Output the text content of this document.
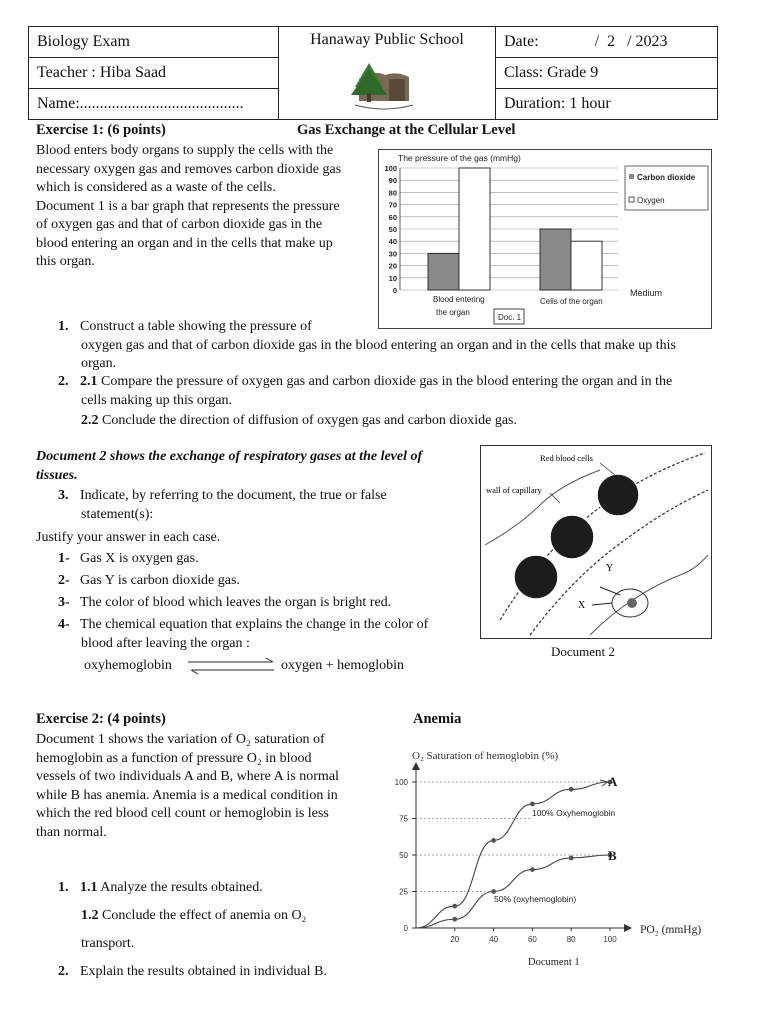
Biology Exam	Hanaway Public School	Date:              /  2   / 2023
Teacher : Hiba Saad		Class: Grade 9
Name:.........................................		Duration: 1 hour
Exercise 1: (6 points)	Gas Exchange at the Cellular Level
Blood enters body organs to supply the cells with the
necessary oxygen gas and removes carbon dioxide gas
which is considered as a waste of the cells.
Document 1 is a bar graph that represents the pressure
of oxygen gas and that of carbon dioxide gas in the
blood entering an organ and in the cells that make up
this organ.
The pressure of the gas (mmHg)
100
90
80
70
60
50
40
30
20
10
0	Medium
Blood entering
the organ
Cells of the organ
Doc. 1
Carbon dioxide
Oxygen
1. Construct a table showing the pressure of
oxygen gas and that of carbon dioxide gas in the blood entering an organ and in the cells that make up this
organ.
2. 2.1 Compare the pressure of oxygen gas and carbon dioxide gas in the blood entering the organ and in the
cells making up this organ.
2.2 Conclude the direction of diffusion of oxygen gas and carbon dioxide gas.
Document 2 shows the exchange of respiratory gases at the level of
tissues.
3. Indicate, by referring to the document, the true or false
statement(s):
Justify your answer in each case.
1- Gas X is oxygen gas.
2- Gas Y is carbon dioxide gas.
3- The color of blood which leaves the organ is bright red.
4- The chemical equation that explains the change in the color of
blood after leaving the organ :
oxyhemoglobin	oxygen + hemoglobin
Red blood cells
wall of capillary
Y
X
Document 2
Exercise 2: (4 points)	Anemia
Document 1 shows the variation of O₂ saturation of
hemoglobin as a function of pressure O₂ in blood
vessels of two individuals A and B, where A is normal
while B has anemia. Anemia is a medical condition in
which the red blood cell count or hemoglobin is less
than normal.
1. 1.1 Analyze the results obtained.
1.2 Conclude the effect of anemia on O₂
transport.
2. Explain the results obtained in individual B.
O₂ Saturation of hemoglobin (%)
100
75
50
25
0
20	40	60	80	100
PO₂ (mmHg)
A
B
100% Oxyhemoglobin
50% (oxyhemoglobin)
Document 1
